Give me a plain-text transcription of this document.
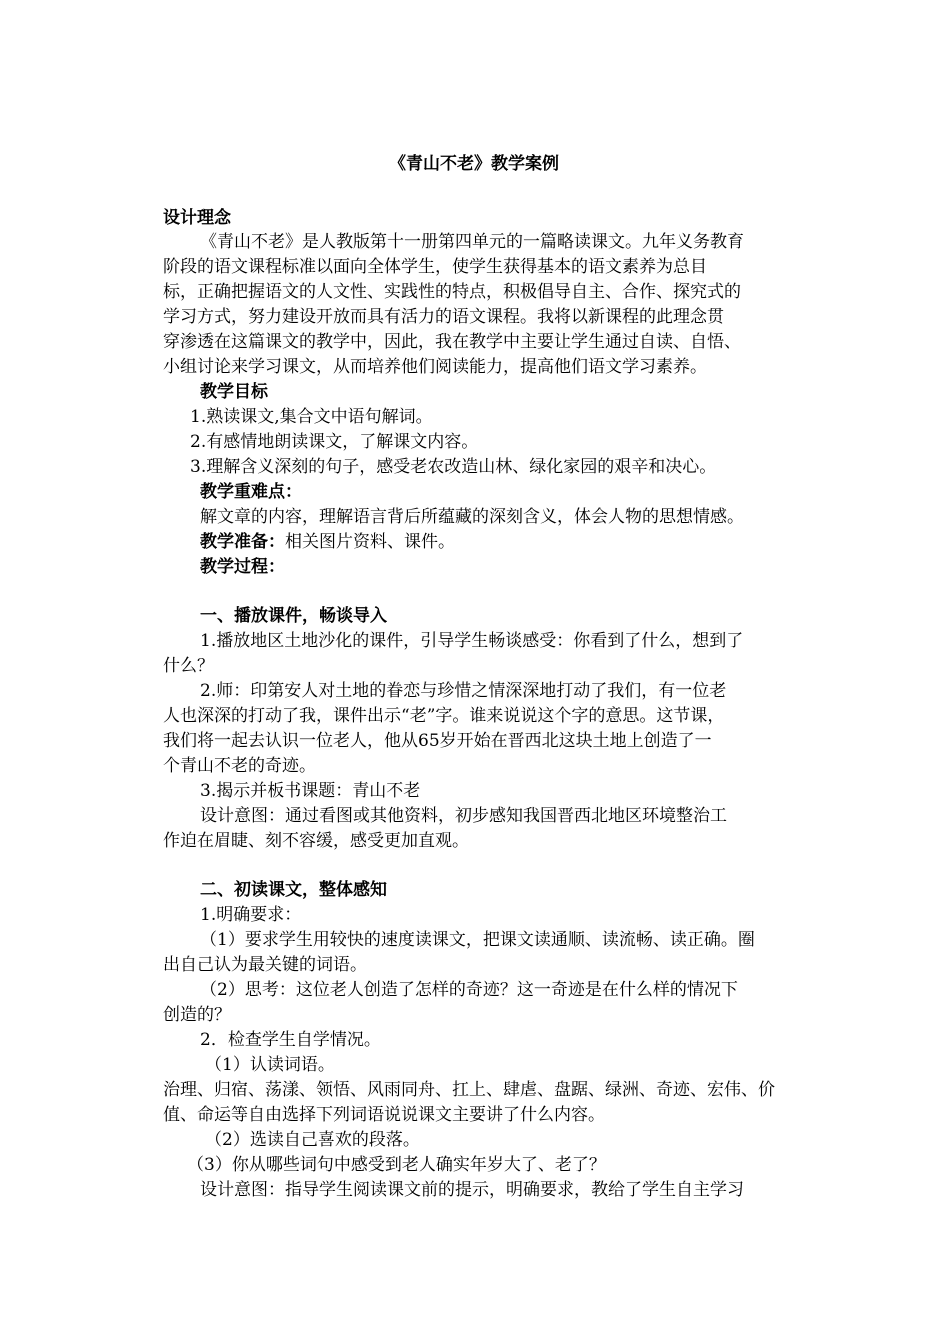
《青山不老》教学案例
设计理念
《青山不老》是人教版第十一册第四单元的一篇略读课文。九年义务教育
阶段的语文课程标准以面向全体学生，使学生获得基本的语文素养为总目
标，正确把握语文的人文性、实践性的特点，积极倡导自主、合作、探究式的
学习方式，努力建设开放而具有活力的语文课程。我将以新课程的此理念贯
穿渗透在这篇课文的教学中，因此，我在教学中主要让学生通过自读、自悟、
小组讨论来学习课文，从而培养他们阅读能力，提高他们语文学习素养。
教学目标
1.熟读课文,集合文中语句解词。
2.有感情地朗读课文，了解课文内容。
3.理解含义深刻的句子，感受老农改造山林、绿化家园的艰辛和决心。
教学重难点：
解文章的内容，理解语言背后所蕴藏的深刻含义，体会人物的思想情感。
教学准备：相关图片资料、课件。
教学过程：
一、播放课件，畅谈导入
1.播放地区土地沙化的课件，引导学生畅谈感受：你看到了什么，想到了
什么？
2.师：印第安人对土地的眷恋与珍惜之情深深地打动了我们，有一位老
人也深深的打动了我，课件出示“老”字。谁来说说这个字的意思。这节课，
我们将一起去认识一位老人，他从65岁开始在晋西北这块土地上创造了一
个青山不老的奇迹。
3.揭示并板书课题：青山不老
设计意图：通过看图或其他资料，初步感知我国晋西北地区环境整治工
作迫在眉睫、刻不容缓，感受更加直观。
二、初读课文，整体感知
1.明确要求：
（1）要求学生用较快的速度读课文，把课文读通顺、读流畅、读正确。圈
出自己认为最关键的词语。
（2）思考：这位老人创造了怎样的奇迹？这一奇迹是在什么样的情况下
创造的？
2．检查学生自学情况。
（1）认读词语。
治理、归宿、荡漾、领悟、风雨同舟、扛上、肆虐、盘踞、绿洲、奇迹、宏伟、价
值、命运等自由选择下列词语说说课文主要讲了什么内容。
（2）选读自己喜欢的段落。
（3）你从哪些词句中感受到老人确实年岁大了、老了？
设计意图：指导学生阅读课文前的提示，明确要求，教给了学生自主学习
